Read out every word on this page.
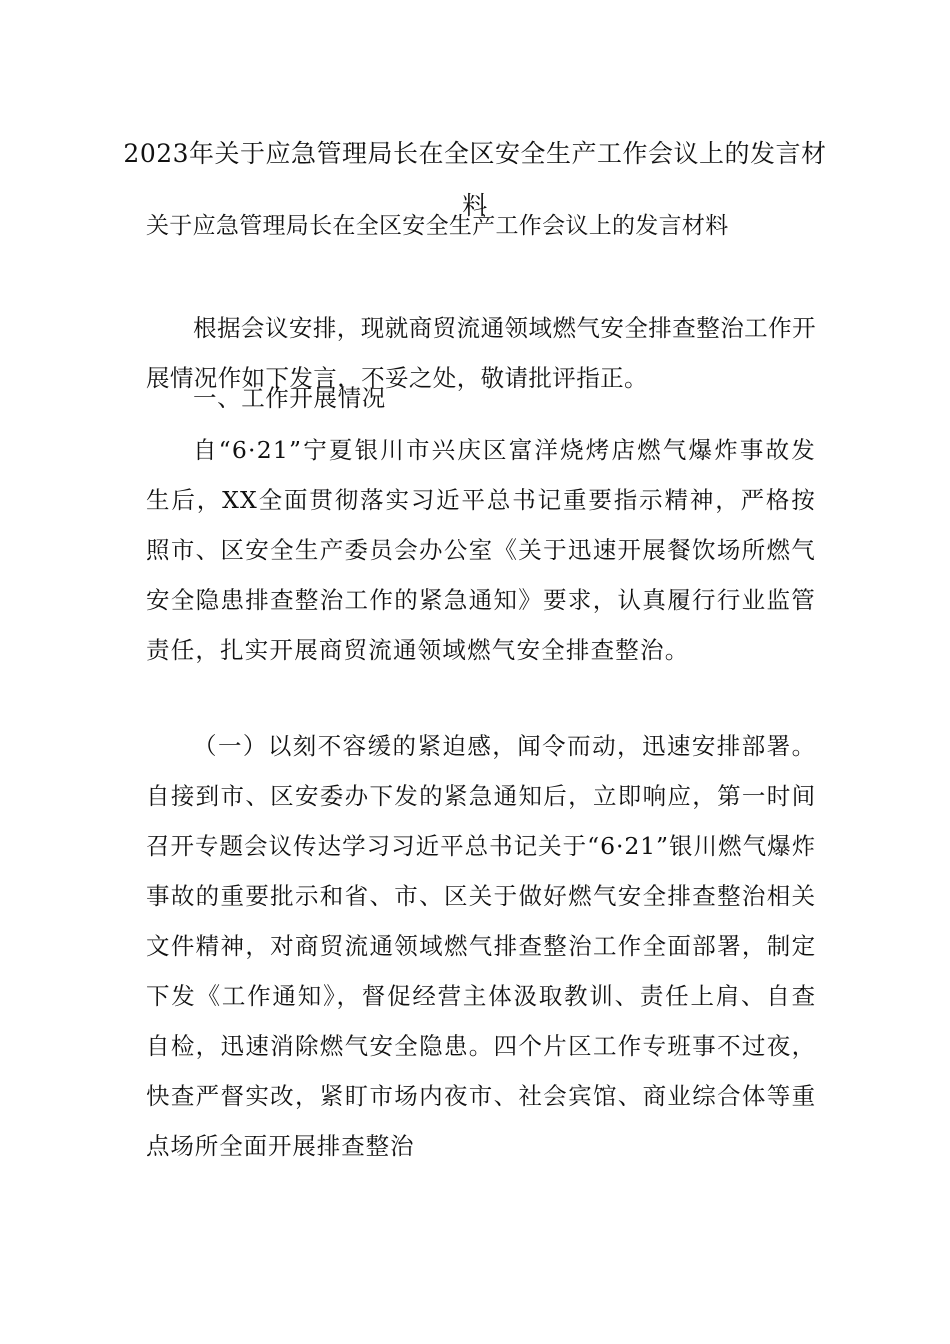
2023年关于应急管理局长在全区安全生产工作会议上的发言材料
关于应急管理局长在全区安全生产工作会议上的发言材料

根据会议安排，现就商贸流通领域燃气安全排查整治工作开展情况作如下发言，不妥之处，敬请批评指正。

一、工作开展情况

自“6·21”宁夏银川市兴庆区富洋烧烤店燃气爆炸事故发生后，XX全面贯彻落实习近平总书记重要指示精神，严格按照市、区安全生产委员会办公室《关于迅速开展餐饮场所燃气安全隐患排查整治工作的紧急通知》要求，认真履行行业监管责任，扎实开展商贸流通领域燃气安全排查整治。

（一）以刻不容缓的紧迫感，闻令而动，迅速安排部署。自接到市、区安委办下发的紧急通知后，立即响应，第一时间召开专题会议传达学习习近平总书记关于“6·21”银川燃气爆炸事故的重要批示和省、市、区关于做好燃气安全排查整治相关文件精神，对商贸流通领域燃气排查整治工作全面部署，制定下发《工作通知》，督促经营主体汲取教训、责任上肩、自查自检，迅速消除燃气安全隐患。四个片区工作专班事不过夜，快查严督实改，紧盯市场内夜市、社会宾馆、商业综合体等重点场所全面开展排查整治
